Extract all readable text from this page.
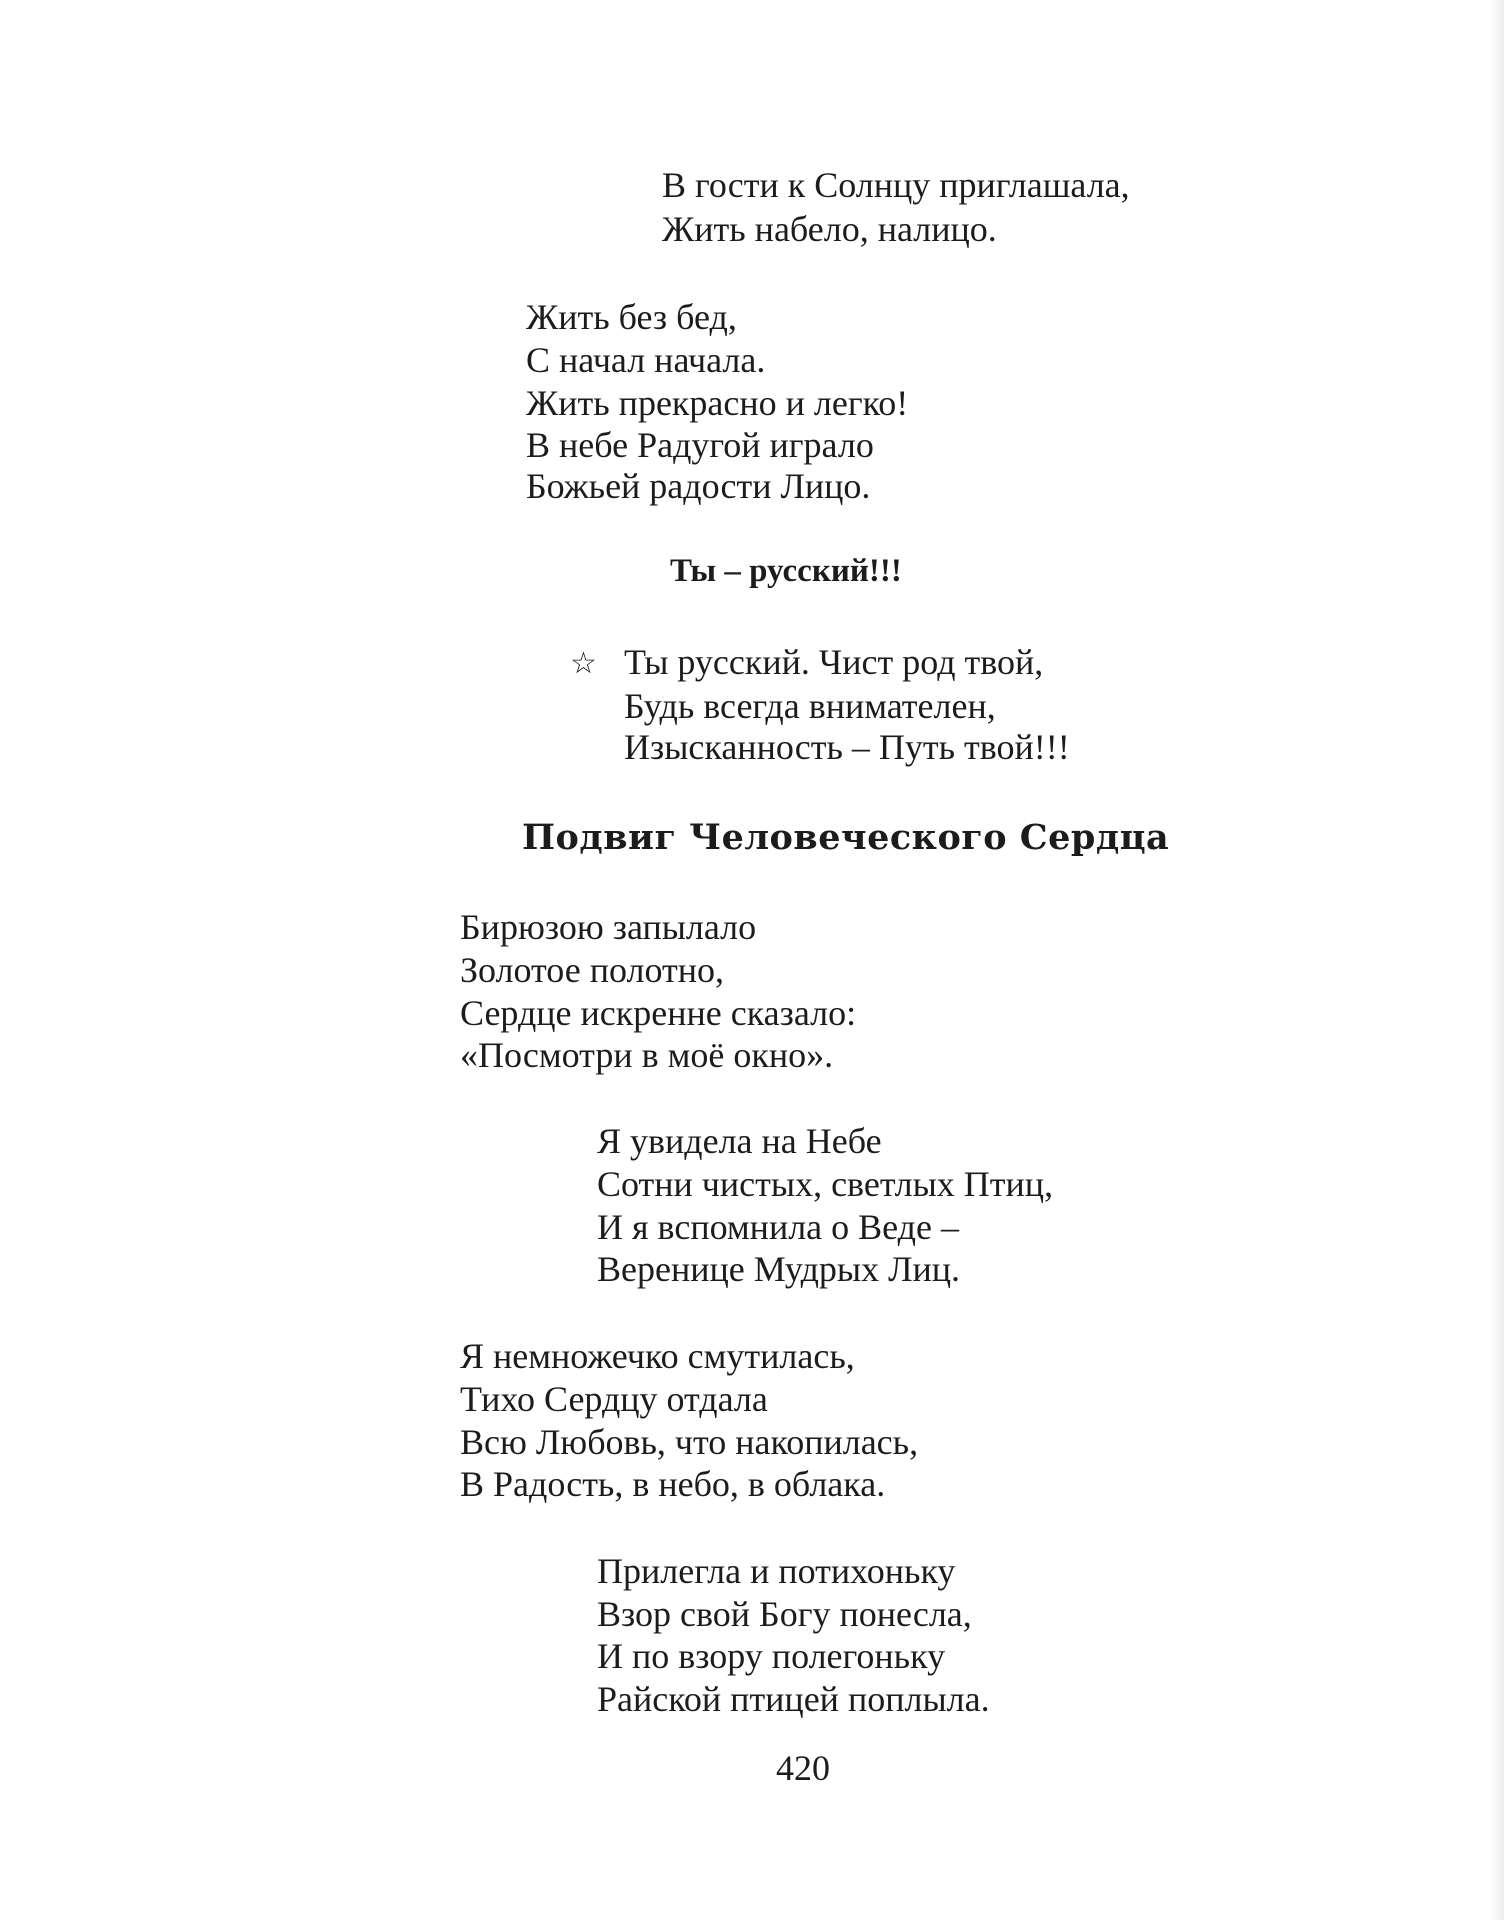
В гости к Солнцу приглашала,
Жить набело, налицо.
Жить без бед,
С начал начала.
Жить прекрасно и легко!
В небе Радугой играло
Божьей радости Лицо.
Ты – русский!!!
☆ Ты русский. Чист род твой,
Будь всегда внимателен,
Изысканность – Путь твой!!!
Подвиг Человеческого Сердца
Бирюзою запылало
Золотое полотно,
Сердце искренне сказало:
«Посмотри в моё окно».
Я увидела на Небе
Сотни чистых, светлых Птиц,
И я вспомнила о Веде –
Веренице Мудрых Лиц.
Я немножечко смутилась,
Тихо Сердцу отдала
Всю Любовь, что накопилась,
В Радость, в небо, в облака.
Прилегла и потихоньку
Взор свой Богу понесла,
И по взору полегоньку
Райской птицей поплыла.
420
